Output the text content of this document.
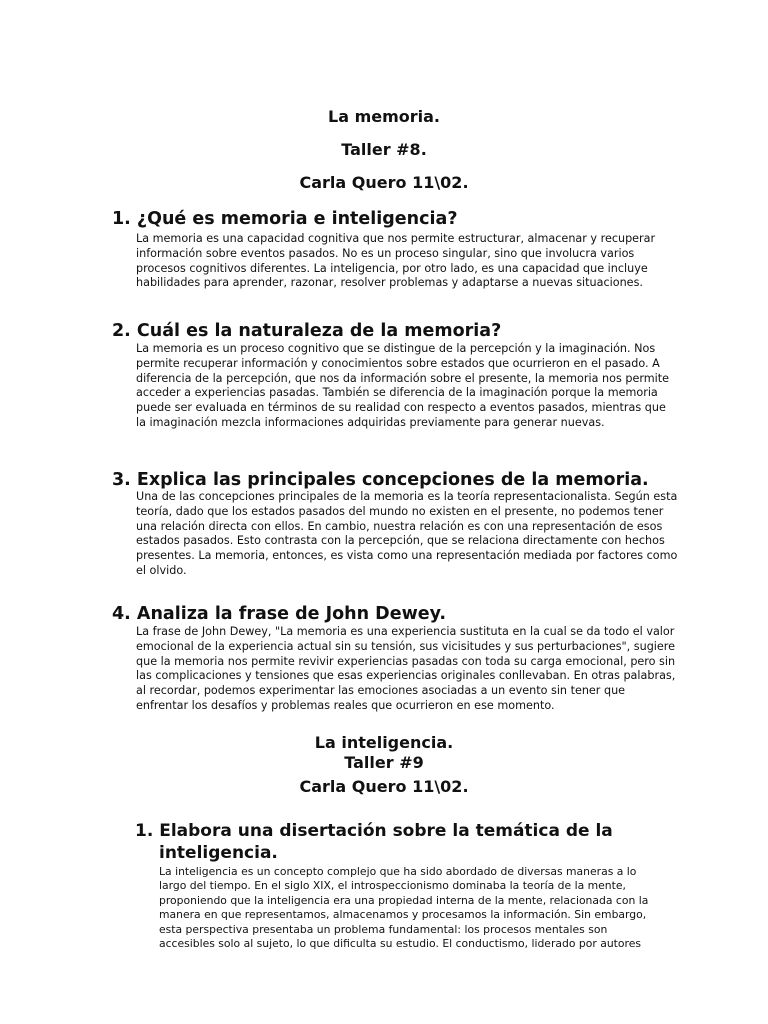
La memoria.
Taller #8.
Carla Quero 11\02.
1. ¿Qué es memoria e inteligencia?
La memoria es una capacidad cognitiva que nos permite estructurar, almacenar y recuperar información sobre eventos pasados. No es un proceso singular, sino que involucra varios procesos cognitivos diferentes. La inteligencia, por otro lado, es una capacidad que incluye habilidades para aprender, razonar, resolver problemas y adaptarse a nuevas situaciones.
2. Cuál es la naturaleza de la memoria?
La memoria es un proceso cognitivo que se distingue de la percepción y la imaginación. Nos permite recuperar información y conocimientos sobre estados que ocurrieron en el pasado. A diferencia de la percepción, que nos da información sobre el presente, la memoria nos permite acceder a experiencias pasadas. También se diferencia de la imaginación porque la memoria puede ser evaluada en términos de su realidad con respecto a eventos pasados, mientras que la imaginación mezcla informaciones adquiridas previamente para generar nuevas.
3. Explica las principales concepciones de la memoria.
Una de las concepciones principales de la memoria es la teoría representacionalista. Según esta teoría, dado que los estados pasados del mundo no existen en el presente, no podemos tener una relación directa con ellos. En cambio, nuestra relación es con una representación de esos estados pasados. Esto contrasta con la percepción, que se relaciona directamente con hechos presentes. La memoria, entonces, es vista como una representación mediada por factores como el olvido.
4. Analiza la frase de John Dewey.
La frase de John Dewey, "La memoria es una experiencia sustituta en la cual se da todo el valor emocional de la experiencia actual sin su tensión, sus vicisitudes y sus perturbaciones", sugiere que la memoria nos permite revivir experiencias pasadas con toda su carga emocional, pero sin las complicaciones y tensiones que esas experiencias originales conllevaban. En otras palabras, al recordar, podemos experimentar las emociones asociadas a un evento sin tener que enfrentar los desafíos y problemas reales que ocurrieron en ese momento.
La inteligencia.
Taller #9
Carla Quero 11\02.
1. Elabora una disertación sobre la temática de la inteligencia.
La inteligencia es un concepto complejo que ha sido abordado de diversas maneras a lo largo del tiempo. En el siglo XIX, el introspeccionismo dominaba la teoría de la mente, proponiendo que la inteligencia era una propiedad interna de la mente, relacionada con la manera en que representamos, almacenamos y procesamos la información. Sin embargo, esta perspectiva presentaba un problema fundamental: los procesos mentales son accesibles solo al sujeto, lo que dificulta su estudio. El conductismo, liderado por autores
